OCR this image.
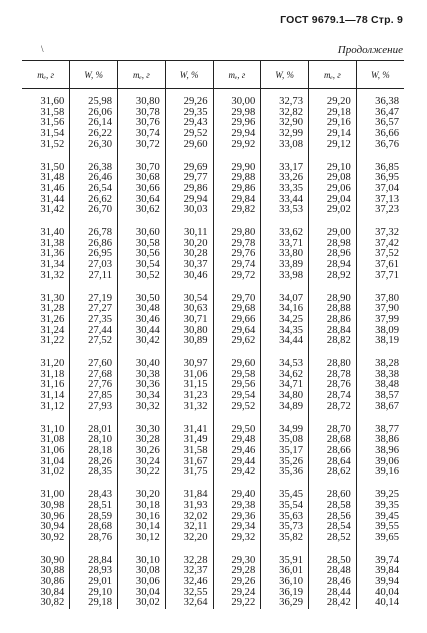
ГОСТ 9679.1—78 Стр. 9
\	Продолжение
mₑ, г	W, %	mₑ, г	W, %	mₑ, г	W, %	mₑ, г	W, %

31,60	25,98	30,80	29,26	30,00	32,73	29,20	36,38
31,58	26,06	30,78	29,35	29,98	32,82	29,18	36,47
31,56	26,14	30,76	29,43	29,96	32,90	29,16	36,57
31,54	26,22	30,74	29,52	29,94	32,99	29,14	36,66
31,52	26,30	30,72	29,60	29,92	33,08	29,12	36,76

31,50	26,38	30,70	29,69	29,90	33,17	29,10	36,85
31,48	26,46	30,68	29,77	29,88	33,26	29,08	36,95
31,46	26,54	30,66	29,86	29,86	33,35	29,06	37,04
31,44	26,62	30,64	29,94	29,84	33,44	29,04	37,13
31,42	26,70	30,62	30,03	29,82	33,53	29,02	37,23

31,40	26,78	30,60	30,11	29,80	33,62	29,00	37,32
31,38	26,86	30,58	30,20	29,78	33,71	28,98	37,42
31,36	26,95	30,56	30,28	29,76	33,80	28,96	37,52
31,34	27,03	30,54	30,37	29,74	33,89	28,94	37,61
31,32	27,11	30,52	30,46	29,72	33,98	28,92	37,71

31,30	27,19	30,50	30,54	29,70	34,07	28,90	37,80
31,28	27,27	30,48	30,63	29,68	34,16	28,88	37,90
31,26	27,35	30,46	30,71	29,66	34,25	28,86	37,99
31,24	27,44	30,44	30,80	29,64	34,35	28,84	38,09
31,22	27,52	30,42	30,89	29,62	34,44	28,82	38,19

31,20	27,60	30,40	30,97	29,60	34,53	28,80	38,28
31,18	27,68	30,38	31,06	29,58	34,62	28,78	38,38
31,16	27,76	30,36	31,15	29,56	34,71	28,76	38,48
31,14	27,85	30,34	31,23	29,54	34,80	28,74	38,57
31,12	27,93	30,32	31,32	29,52	34,89	28,72	38,67

31,10	28,01	30,30	31,41	29,50	34,99	28,70	38,77
31,08	28,10	30,28	31,49	29,48	35,08	28,68	38,86
31,06	28,18	30,26	31,58	29,46	35,17	28,66	38,96
31,04	28,26	30,24	31,67	29,44	35,26	28,64	39,06
31,02	28,35	30,22	31,75	29,42	35,36	28,62	39,16

31,00	28,43	30,20	31,84	29,40	35,45	28,60	39,25
30,98	28,51	30,18	31,93	29,38	35,54	28,58	39,35
30,96	28,59	30,16	32,02	29,36	35,63	28,56	39,45
30,94	28,68	30,14	32,11	29,34	35,73	28,54	39,55
30,92	28,76	30,12	32,20	29,32	35,82	28,52	39,65

30,90	28,84	30,10	32,28	29,30	35,91	28,50	39,74
30,88	28,93	30,08	32,37	29,28	36,01	28,48	39,84
30,86	29,01	30,06	32,46	29,26	36,10	28,46	39,94
30,84	29,10	30,04	32,55	29,24	36,19	28,44	40,04
30,82	29,18	30,02	32,64	29,22	36,29	28,42	40,14
